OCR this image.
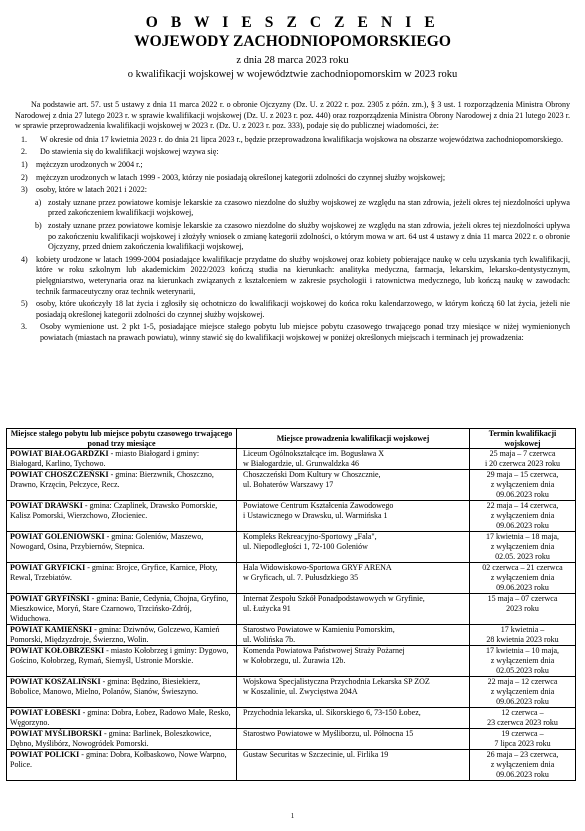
O B W I E S Z C Z E N I E
WOJEWODY ZACHODNIOPOMORSKIEGO
z dnia 28 marca 2023 roku
o kwalifikacji wojskowej w województwie zachodniopomorskim w 2023 roku

Na podstawie art. 57. ust 5 ustawy z dnia 11 marca 2022 r. o obronie Ojczyzny (Dz. U. z 2022 r. poz. 2305 z późn. zm.), § 3 ust. 1 rozporządzenia Ministra Obrony Narodowej z dnia 27 lutego 2023 r. w sprawie kwalifikacji wojskowej (Dz. U. z 2023 r. poz. 440) oraz rozporządzenia Ministra Obrony Narodowej z dnia 21 lutego 2023 r. w sprawie przeprowadzenia kwalifikacji wojskowej w 2023 r. (Dz. U. z 2023 r. poz. 333), podaje się do publicznej wiadomości, że:

1.	W okresie od dnia 17 kwietnia 2023 r. do dnia 21 lipca 2023 r., będzie przeprowadzona kwalifikacja wojskowa na obszarze województwa zachodniopomorskiego.
2.	Do stawienia się do kwalifikacji wojskowej wzywa się:
1)	mężczyzn urodzonych w 2004 r.;
2)	mężczyzn urodzonych w latach 1999 - 2003, którzy nie posiadają określonej kategorii zdolności do czynnej służby wojskowej;
3)	osoby, które w latach 2021 i 2022:
a) zostały uznane przez powiatowe komisje lekarskie za czasowo niezdolne do służby wojskowej ze względu na stan zdrowia, jeżeli okres tej niezdolności upływa przed zakończeniem kwalifikacji wojskowej,
b) zostały uznane przez powiatowe komisje lekarskie za czasowo niezdolne do służby wojskowej ze względu na stan zdrowia, jeżeli okres tej niezdolności upływa po zakończeniu kwalifikacji wojskowej i złożyły wniosek o zmianę kategorii zdolności, o którym mowa w art. 64 ust 4 ustawy z dnia 11 marca 2022 r. o obronie Ojczyzny, przed dniem zakończenia kwalifikacji wojskowej,
4)	kobiety urodzone w latach 1999-2004 posiadające kwalifikacje przydatne do służby wojskowej oraz kobiety pobierające naukę w celu uzyskania tych kwalifikacji, które w roku szkolnym lub akademickim 2022/2023 kończą studia na kierunkach: analityka medyczna, farmacja, lekarskim, lekarsko-dentystycznym, pielęgniarstwo, weterynaria oraz na kierunkach związanych z kształceniem w zakresie psychologii i ratownictwa medycznego, lub kończą naukę w zawodach: technik farmaceutyczny oraz technik weterynarii,
5)	osoby, które ukończyły 18 lat życia i zgłosiły się ochotniczo do kwalifikacji wojskowej do końca roku kalendarzowego, w którym kończą 60 lat życia, jeżeli nie posiadają określonej kategorii zdolności do czynnej służby wojskowej.
3.	Osoby wymienione ust. 2 pkt 1-5, posiadające miejsce stałego pobytu lub miejsce pobytu czasowego trwającego ponad trzy miesiące w niżej wymienionych powiatach (miastach na prawach powiatu), winny stawić się do kwalifikacji wojskowej w poniżej określonych miejscach i terminach jej prowadzenia:
Miejsce stałego pobytu lub miejsce pobytu czasowego trwającego ponad trzy miesiące	Miejsce prowadzenia kwalifikacji wojskowej	Termin kwalifikacji wojskowej
POWIAT BIAŁOGARDZKI - miasto Białogard i gminy: Białogard, Karlino, Tychowo.	Liceum Ogólnokształcące im. Bogusława X
w Białogardzie, ul. Grunwaldzka 46	25 maja – 7 czerwca
i 20 czerwca 2023 roku
POWIAT CHOSZCZEŃSKI - gmina: Bierzwnik, Choszczno, Drawno, Krzęcin, Pełczyce, Recz.	Choszczeński Dom Kultury w Choszcznie,
ul. Bohaterów Warszawy 17	29 maja – 15 czerwca,
z wyłączeniem dnia
09.06.2023 roku
POWIAT DRAWSKI - gmina: Czaplinek, Drawsko Pomorskie, Kalisz Pomorski, Wierzchowo, Złocieniec.	Powiatowe Centrum Kształcenia Zawodowego
i Ustawicznego w Drawsku, ul. Warmińska 1	22 maja – 14 czerwca,
z wyłączeniem dnia
09.06.2023 roku
POWIAT GOLENIOWSKI - gmina: Goleniów, Maszewo, Nowogard, Osina, Przybiernów, Stepnica.	Kompleks Rekreacyjno-Sportowy „Fala",
ul. Niepodległości 1, 72-100 Goleniów	17 kwietnia – 18 maja,
z wyłączeniem dnia
02.05. 2023 roku
POWIAT GRYFICKI - gmina: Brojce, Gryfice, Karnice, Płoty, Rewal, Trzebiatów.	Hala Widowiskowo-Sportowa GRYF ARENA
w Gryficach, ul. 7. Pułusdzkiego 35	02 czerwca – 21 czerwca
z wyłączeniem dnia
09.06.2023 roku
POWIAT GRYFIŃSKI - gmina: Banie, Cedynia, Chojna, Gryfino, Mieszkowice, Moryń, Stare Czarnowo, Trzcińsko-Zdrój, Widuchowa.	Internat Zespołu Szkół Ponadpodstawowych w Gryfinie,
ul. Łużycka 91	15 maja – 07 czerwca
2023 roku
POWIAT KAMIEŃSKI - gmina: Dziwnów, Golczewo, Kamień Pomorski, Międzyzdroje, Świerzno, Wolin.	Starostwo Powiatowe w Kamieniu Pomorskim,
ul. Wolińska 7b.	17 kwietnia –
28 kwietnia 2023 roku
POWIAT KOŁOBRZESKI - miasto Kołobrzeg i gminy: Dygowo, Gościno, Kołobrzeg, Rymań, Siemyśl, Ustronie Morskie.	Komenda Powiatowa Państwowej Straży Pożarnej
w Kołobrzegu, ul. Żurawia 12b.	17 kwietnia – 10 maja,
z wyłączeniem dnia
02.05.2023 roku
POWIAT KOSZALIŃSKI - gmina: Będzino, Biesiekierz, Bobolice, Manowo, Mielno, Polanów, Sianów, Świeszyno.	Wojskowa Specjalistyczna Przychodnia Lekarska SP ZOZ
w Koszalinie, ul. Zwycięstwa 204A	22 maja – 12 czerwca
z wyłączeniem dnia
09.06.2023 roku
POWIAT ŁOBESKI - gmina: Dobra, Łobez, Radowo Małe, Resko, Węgorzyno.	Przychodnia lekarska, ul. Sikorskiego 6, 73-150 Łobez,	12 czerwca –
23 czerwca 2023 roku
POWIAT MYŚLIBORSKI - gmina: Barlinek, Boleszkowice, Dębno, Myślibórz, Nowogródek Pomorski.	Starostwo Powiatowe w Myśliborzu, ul. Północna 15	19 czerwca –
7 lipca 2023 roku
POWIAT POLICKI - gmina: Dobra, Kołbaskowo, Nowe Warpno, Police.	Gustaw Securitas w Szczecinie, ul. Firlika 19	26 maja – 23 czerwca,
z wyłączeniem dnia
09.06.2023 roku
1
